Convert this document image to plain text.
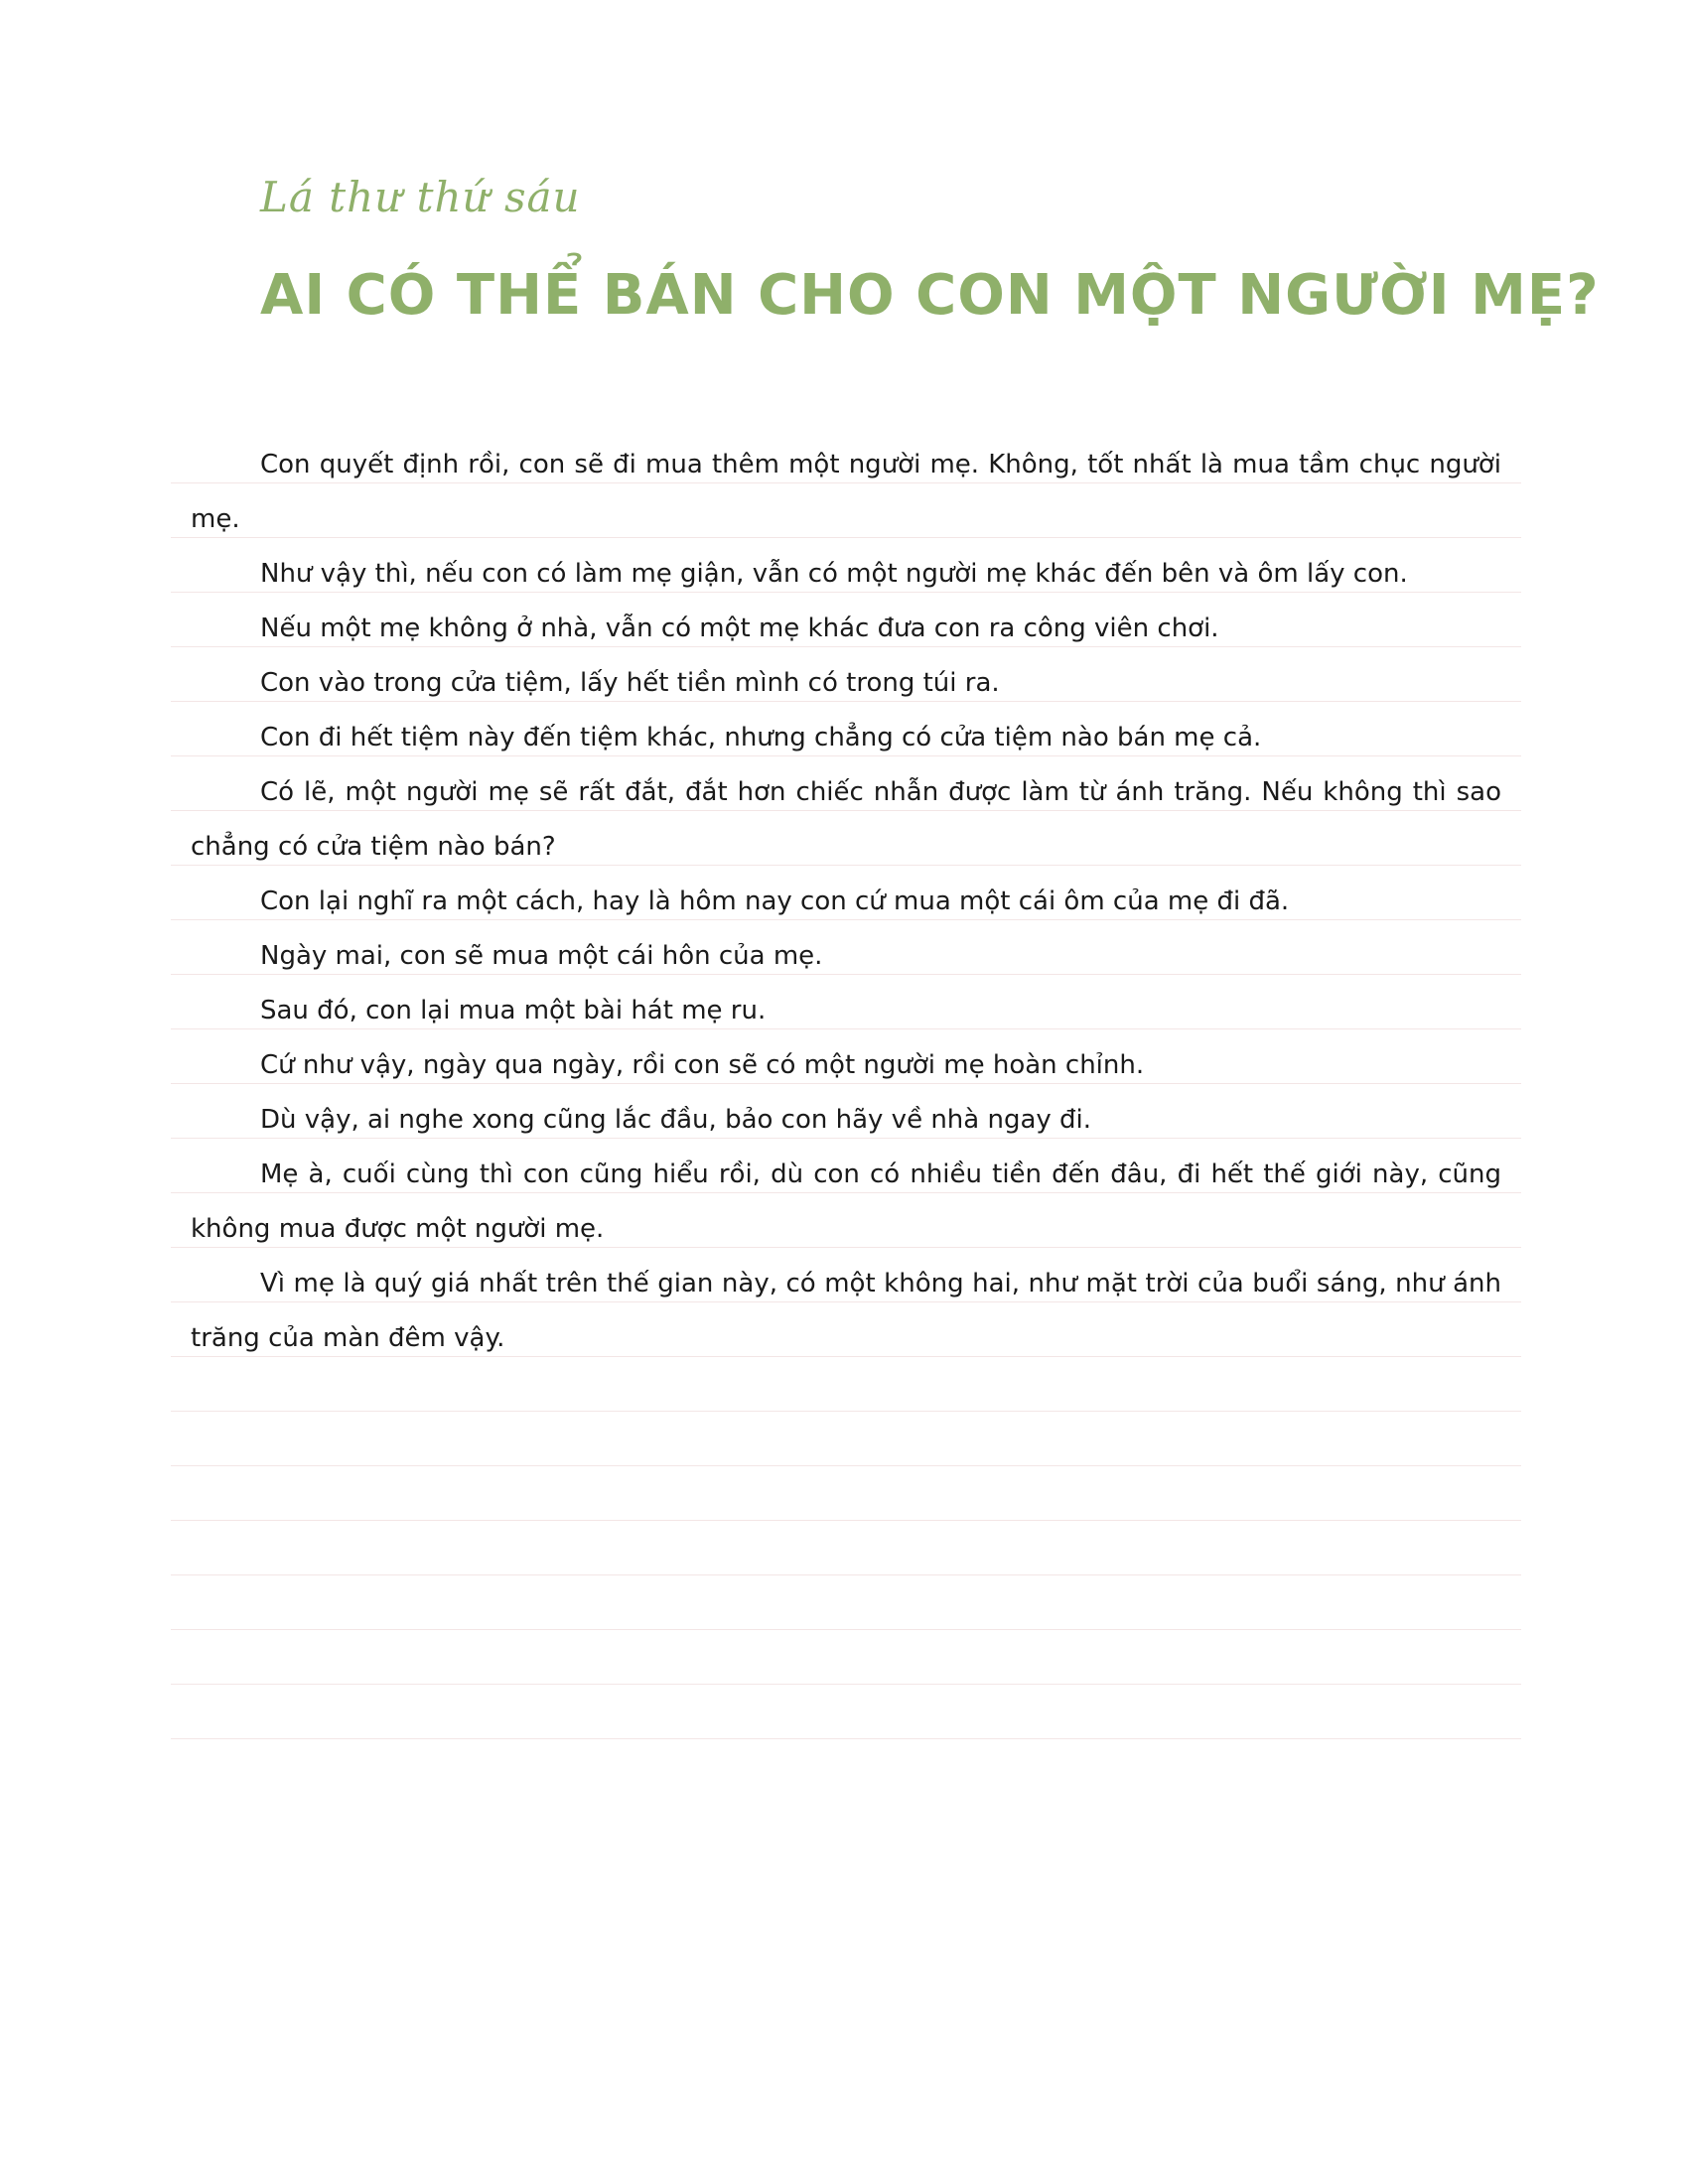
Lá thư thứ sáu
AI CÓ THỂ BÁN CHO CON MỘT NGƯỜI MẸ?

Con quyết định rồi, con sẽ đi mua thêm một người mẹ. Không, tốt nhất là mua tầm chục người mẹ.

Như vậy thì, nếu con có làm mẹ giận, vẫn có một người mẹ khác đến bên và ôm lấy con.

Nếu một mẹ không ở nhà, vẫn có một mẹ khác đưa con ra công viên chơi.

Con vào trong cửa tiệm, lấy hết tiền mình có trong túi ra.

Con đi hết tiệm này đến tiệm khác, nhưng chẳng có cửa tiệm nào bán mẹ cả.

Có lẽ, một người mẹ sẽ rất đắt, đắt hơn chiếc nhẫn được làm từ ánh trăng. Nếu không thì sao chẳng có cửa tiệm nào bán?

Con lại nghĩ ra một cách, hay là hôm nay con cứ mua một cái ôm của mẹ đi đã.

Ngày mai, con sẽ mua một cái hôn của mẹ.

Sau đó, con lại mua một bài hát mẹ ru.

Cứ như vậy, ngày qua ngày, rồi con sẽ có một người mẹ hoàn chỉnh.

Dù vậy, ai nghe xong cũng lắc đầu, bảo con hãy về nhà ngay đi.

Mẹ à, cuối cùng thì con cũng hiểu rồi, dù con có nhiều tiền đến đâu, đi hết thế giới này, cũng không mua được một người mẹ.

Vì mẹ là quý giá nhất trên thế gian này, có một không hai, như mặt trời của buổi sáng, như ánh trăng của màn đêm vậy.
